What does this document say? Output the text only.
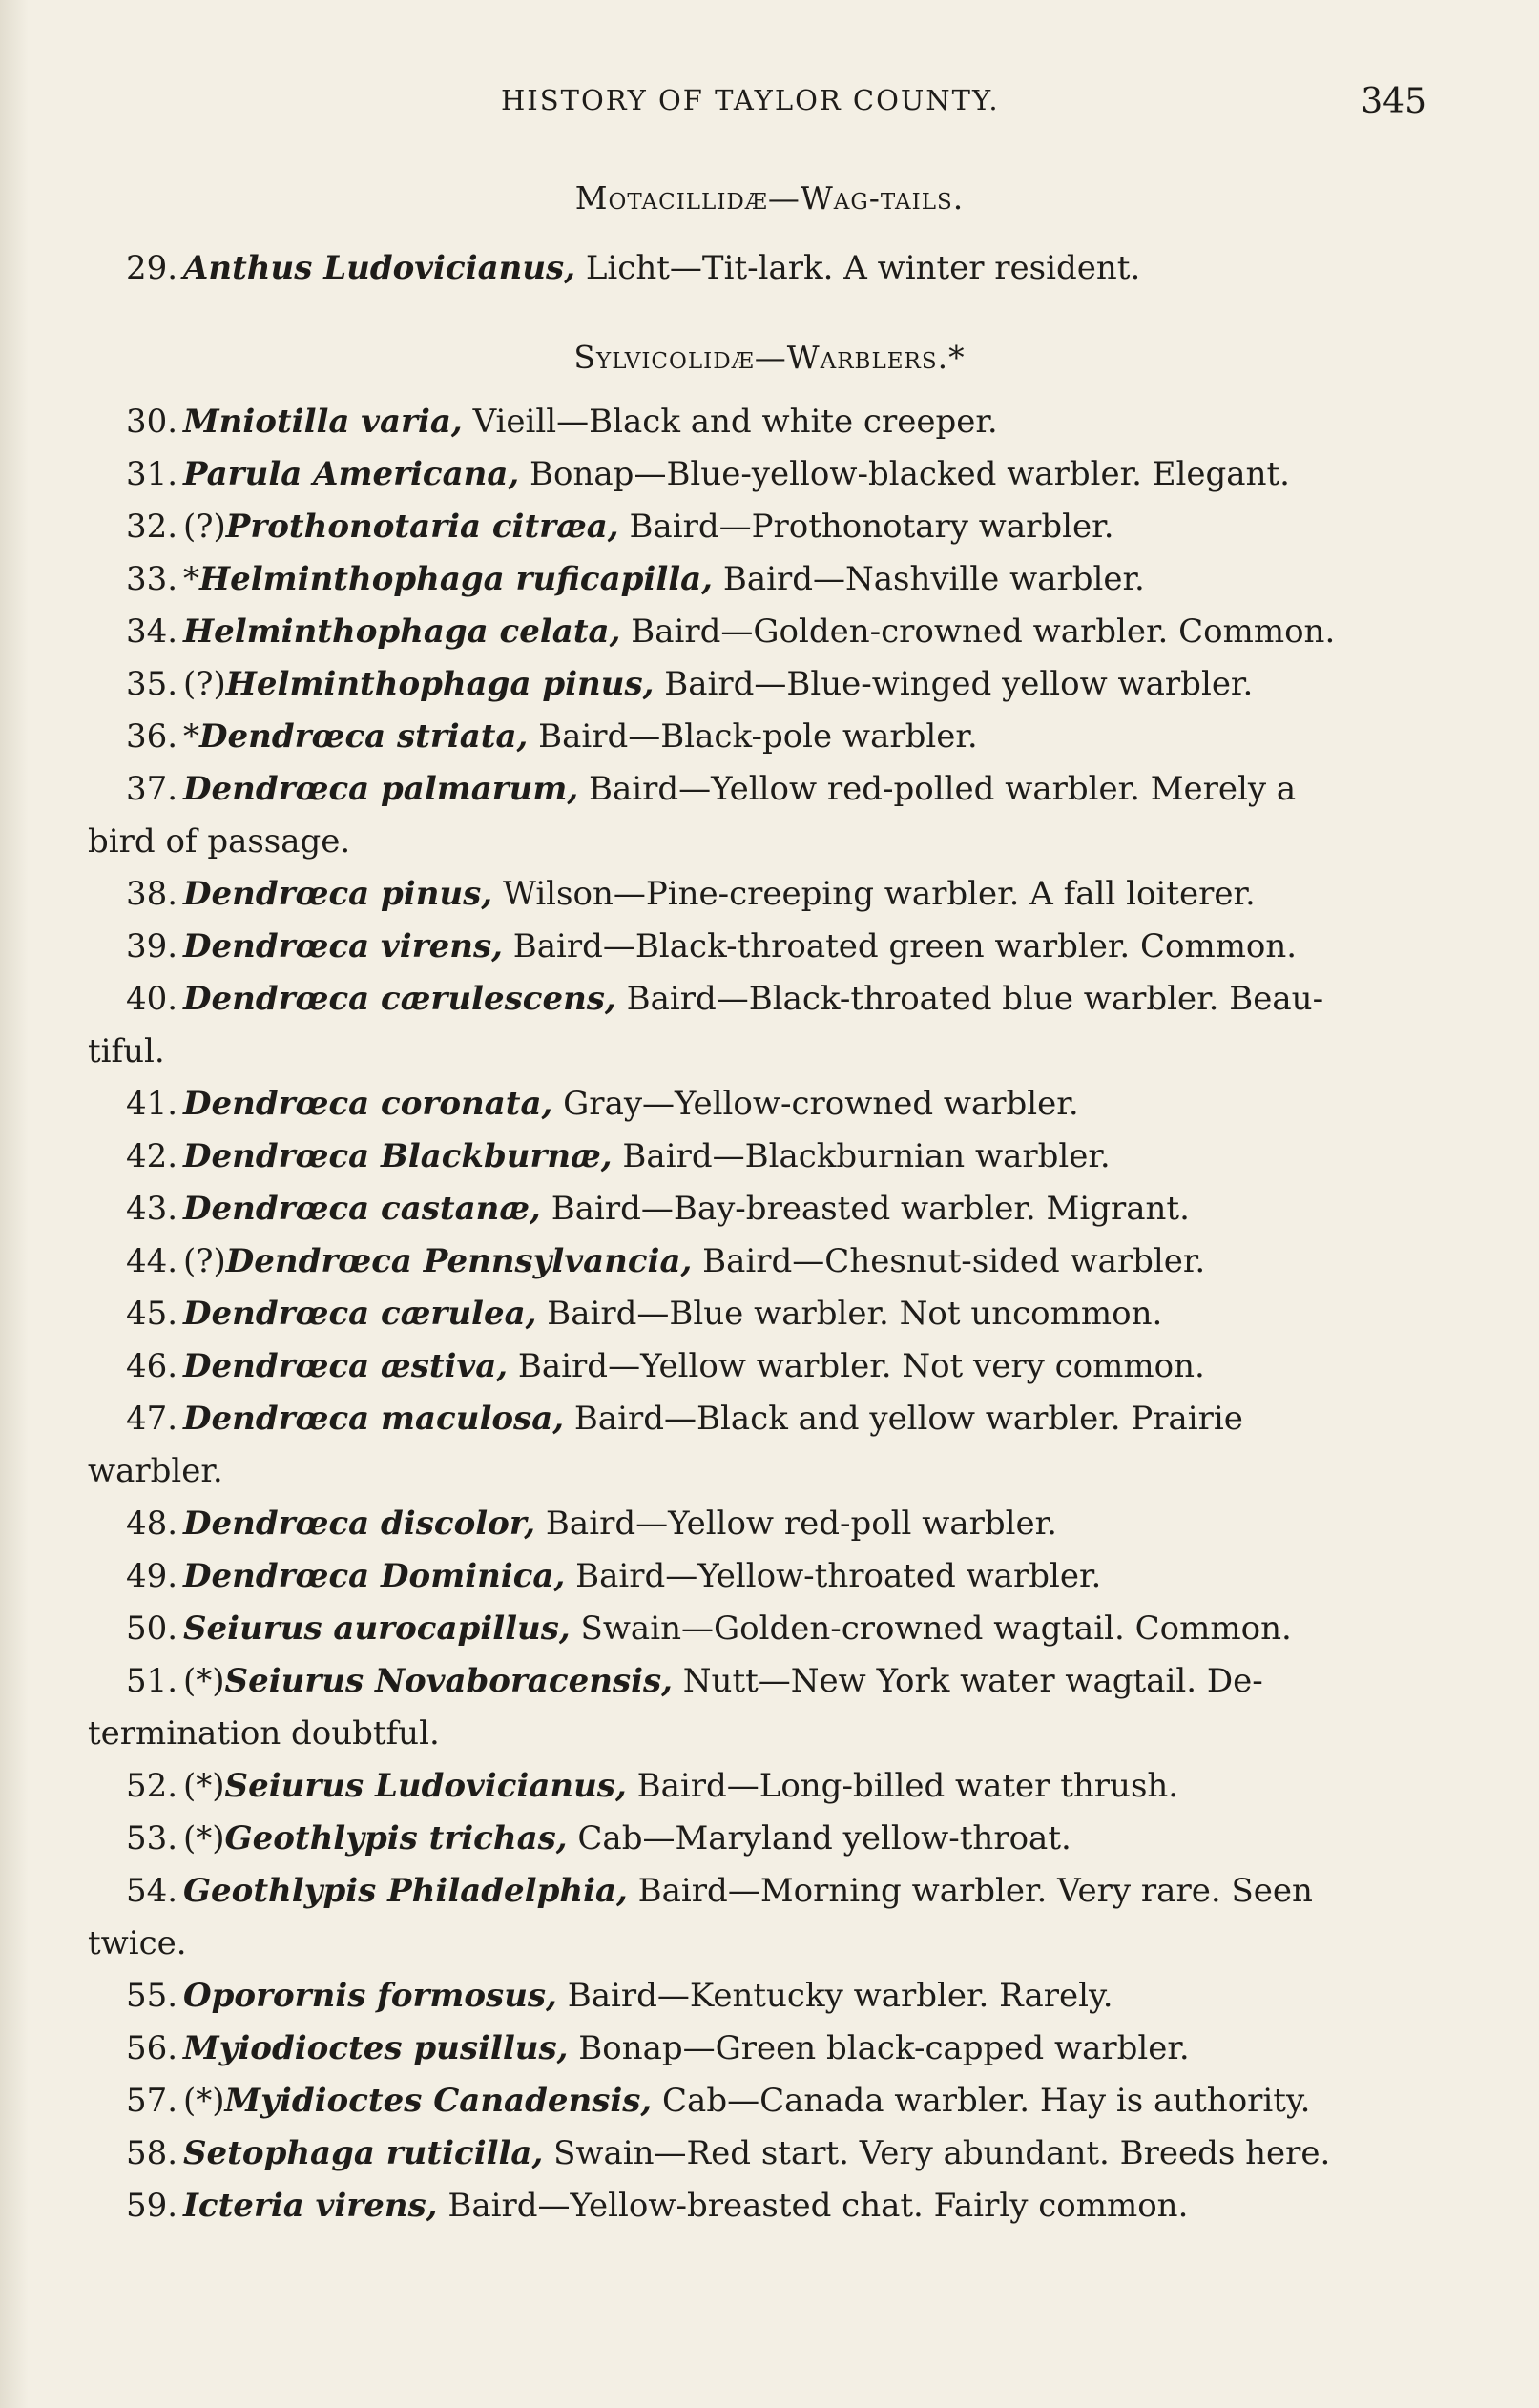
HISTORY OF TAYLOR COUNTY.	345
Motacillidæ—Wag-tails.
Sylvicolidæ—Warblers.*
29. Anthus Ludovicianus, Licht—Tit-lark. A winter resident.
30. Mniotilla varia, Vieill—Black and white creeper.
31. Parula Americana, Bonap—Blue-yellow-blacked warbler. Elegant.
32. (?)Prothonotaria citræa, Baird—Prothonotary warbler.
33. *Helminthophaga ruficapilla, Baird—Nashville warbler.
34. Helminthophaga celata, Baird—Golden-crowned warbler. Common.
35. (?)Helminthophaga pinus, Baird—Blue-winged yellow warbler.
36. *Dendrœca striata, Baird—Black-pole warbler.
37. Dendrœca palmarum, Baird—Yellow red-polled warbler. Merely a
bird of passage.
38. Dendrœca pinus, Wilson—Pine-creeping warbler. A fall loiterer.
39. Dendrœca virens, Baird—Black-throated green warbler. Common.
40. Dendrœca cærulescens, Baird—Black-throated blue warbler. Beau-
tiful.
41. Dendrœca coronata, Gray—Yellow-crowned warbler.
42. Dendrœca Blackburnæ, Baird—Blackburnian warbler.
43. Dendrœca castanæ, Baird—Bay-breasted warbler. Migrant.
44. (?)Dendrœca Pennsylvancia, Baird—Chesnut-sided warbler.
45. Dendrœca cærulea, Baird—Blue warbler. Not uncommon.
46. Dendrœca æstiva, Baird—Yellow warbler. Not very common.
47. Dendrœca maculosa, Baird—Black and yellow warbler. Prairie
warbler.
48. Dendrœca discolor, Baird—Yellow red-poll warbler.
49. Dendrœca Dominica, Baird—Yellow-throated warbler.
50. Seiurus aurocapillus, Swain—Golden-crowned wagtail. Common.
51. (*)Seiurus Novaboracensis, Nutt—New York water wagtail. De-
termination doubtful.
52. (*)Seiurus Ludovicianus, Baird—Long-billed water thrush.
53. (*)Geothlypis trichas, Cab—Maryland yellow-throat.
54. Geothlypis Philadelphia, Baird—Morning warbler. Very rare. Seen
twice.
55. Oporornis formosus, Baird—Kentucky warbler. Rarely.
56. Myiodioctes pusillus, Bonap—Green black-capped warbler.
57. (*)Myidioctes Canadensis, Cab—Canada warbler. Hay is authority.
58. Setophaga ruticilla, Swain—Red start. Very abundant. Breeds here.
59. Icteria virens, Baird—Yellow-breasted chat. Fairly common.
